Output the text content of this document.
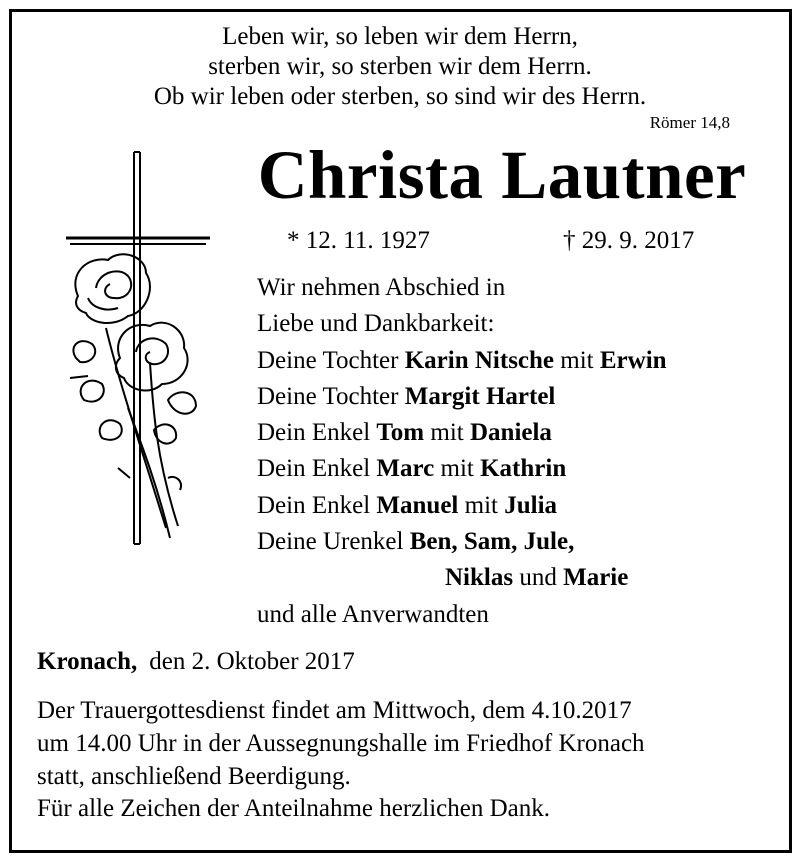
Leben wir, so leben wir dem Herrn,
sterben wir, so sterben wir dem Herrn.
Ob wir leben oder sterben, so sind wir des Herrn.
Römer 14,8
Christa Lautner
* 12. 11. 1927	† 29. 9. 2017
Wir nehmen Abschied in
Liebe und Dankbarkeit:
Deine Tochter Karin Nitsche mit Erwin
Deine Tochter Margit Hartel
Dein Enkel Tom mit Daniela
Dein Enkel Marc mit Kathrin
Dein Enkel Manuel mit Julia
Deine Urenkel Ben, Sam, Jule,
Niklas und Marie
und alle Anverwandten
Kronach, den 2. Oktober 2017
Der Trauergottesdienst findet am Mittwoch, dem 4.10.2017
um 14.00 Uhr in der Aussegnungshalle im Friedhof Kronach
statt, anschließend Beerdigung.
Für alle Zeichen der Anteilnahme herzlichen Dank.
